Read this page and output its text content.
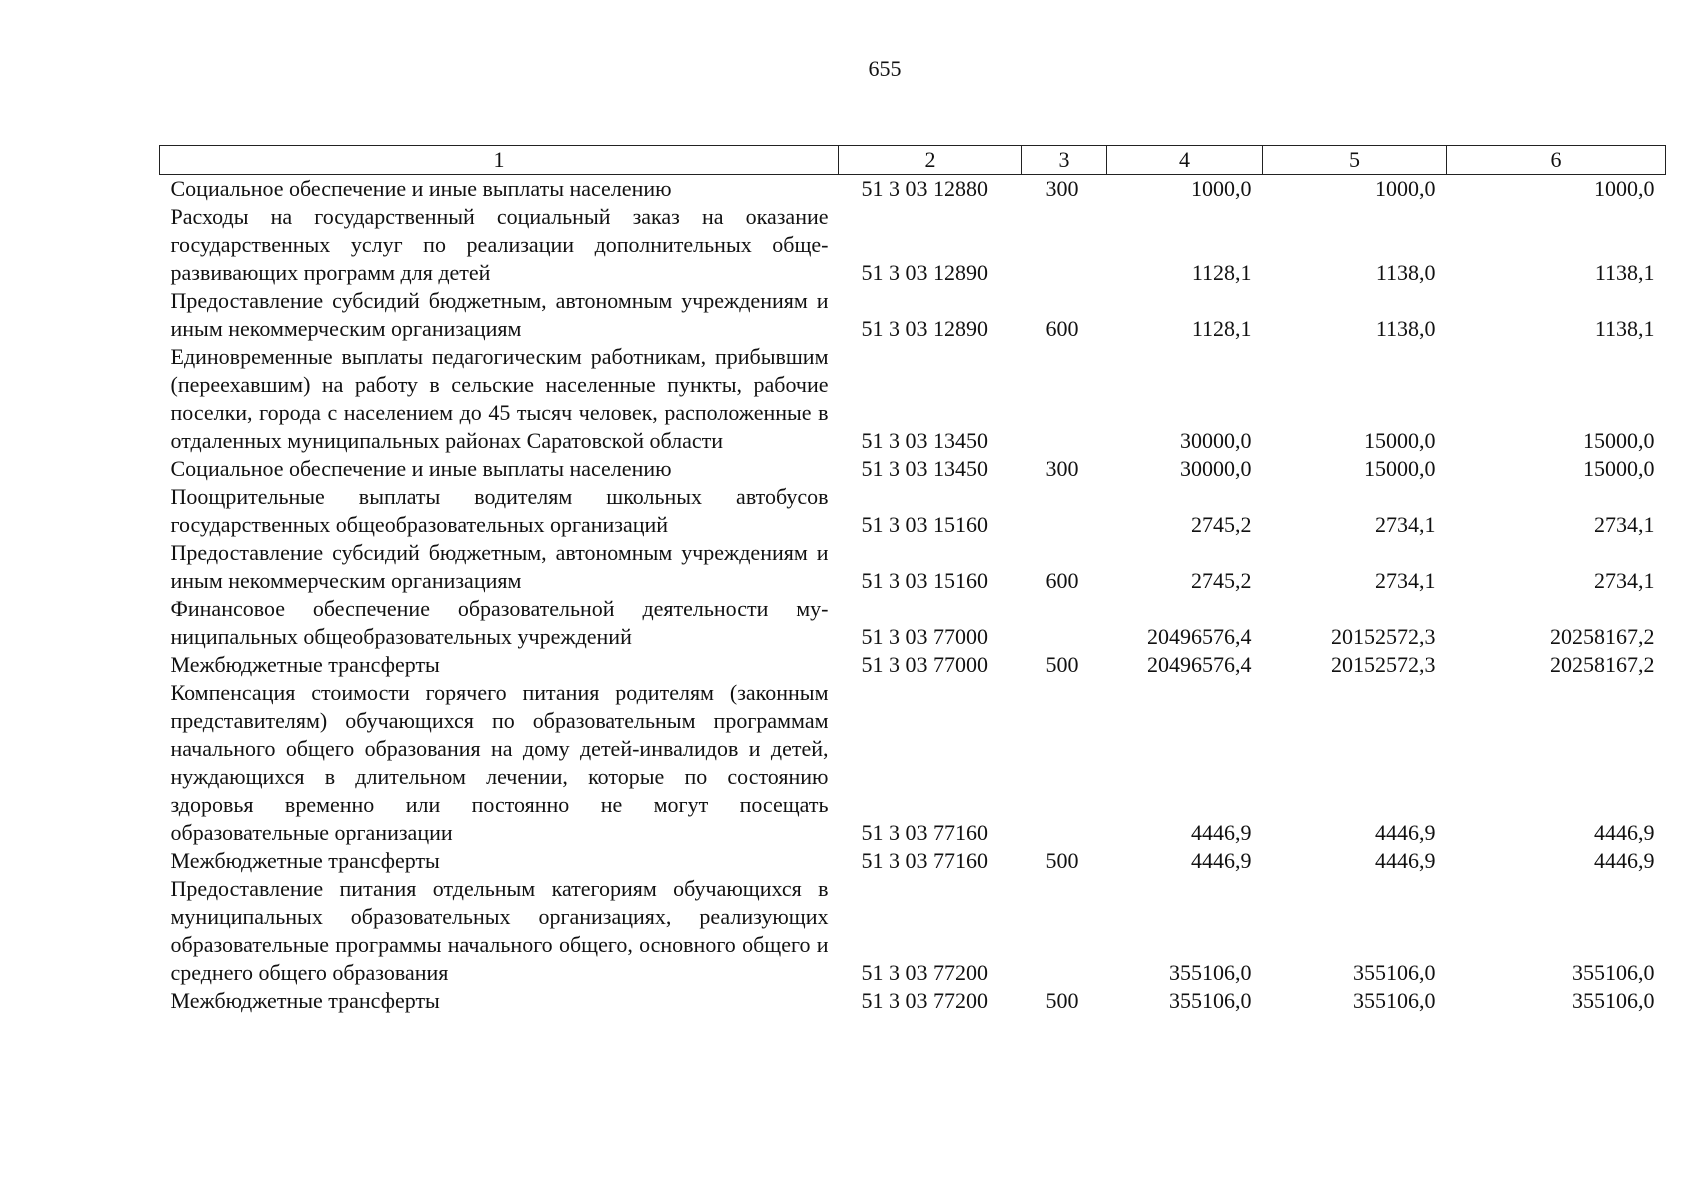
655
1	2	3	4	5	6
Социальное обеспечение и иные выплаты населению	51 3 03 12880	300	1000,0	1000,0	1000,0
Расходы на государственный социальный заказ на оказание государственных услуг по реализации дополнительных общеразвивающих программ для детей	51 3 03 12890		1128,1	1138,0	1138,1
Предоставление субсидий бюджетным, автономным учреждениям и иным некоммерческим организациям	51 3 03 12890	600	1128,1	1138,0	1138,1
Единовременные выплаты педагогическим работникам, прибывшим (переехавшим) на работу в сельские населенные пункты, рабочие поселки, города с населением до 45 тысяч человек, расположенные в отдаленных муниципальных районах Саратовской области	51 3 03 13450		30000,0	15000,0	15000,0
Социальное обеспечение и иные выплаты населению	51 3 03 13450	300	30000,0	15000,0	15000,0
Поощрительные выплаты водителям школьных автобусов государственных общеобразовательных организаций	51 3 03 15160		2745,2	2734,1	2734,1
Предоставление субсидий бюджетным, автономным учреждениям и иным некоммерческим организациям	51 3 03 15160	600	2745,2	2734,1	2734,1
Финансовое обеспечение образовательной деятельности муниципальных общеобразовательных учреждений	51 3 03 77000		20496576,4	20152572,3	20258167,2
Межбюджетные трансферты	51 3 03 77000	500	20496576,4	20152572,3	20258167,2
Компенсация стоимости горячего питания родителям (законным представителям) обучающихся по образовательным программам начального общего образования на дому детей-инвалидов и детей, нуждающихся в длительном лечении, которые по состоянию здоровья временно или постоянно не могут посещать образовательные организации	51 3 03 77160		4446,9	4446,9	4446,9
Межбюджетные трансферты	51 3 03 77160	500	4446,9	4446,9	4446,9
Предоставление питания отдельным категориям обучающихся в муниципальных образовательных организациях, реализующих образовательные программы начального общего, основного общего и среднего общего образования	51 3 03 77200		355106,0	355106,0	355106,0
Межбюджетные трансферты	51 3 03 77200	500	355106,0	355106,0	355106,0
